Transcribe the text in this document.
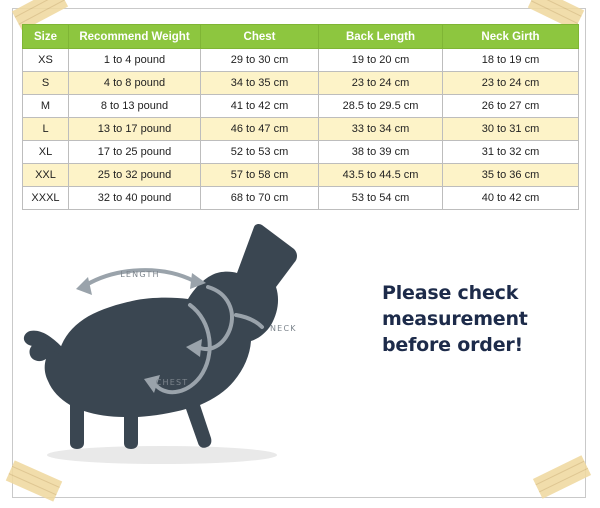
Size	Recommend Weight	Chest	Back Length	Neck Girth
XS	1 to 4 pound	29 to 30 cm	19 to 20 cm	18 to 19 cm
S	4 to 8 pound	34 to 35 cm	23 to 24 cm	23 to 24 cm
M	8 to 13 pound	41 to 42 cm	28.5 to 29.5 cm	26 to 27 cm
L	13 to 17 pound	46 to 47 cm	33 to 34 cm	30 to 31 cm
XL	17 to 25 pound	52 to 53 cm	38 to 39 cm	31 to 32 cm
XXL	25 to 32 pound	57 to 58 cm	43.5 to 44.5 cm	35 to 36 cm
XXXL	32 to 40 pound	68 to 70 cm	53 to 54 cm	40 to 42 cm
LENGTH
NECK
CHEST
Please check
measurement
before order!
